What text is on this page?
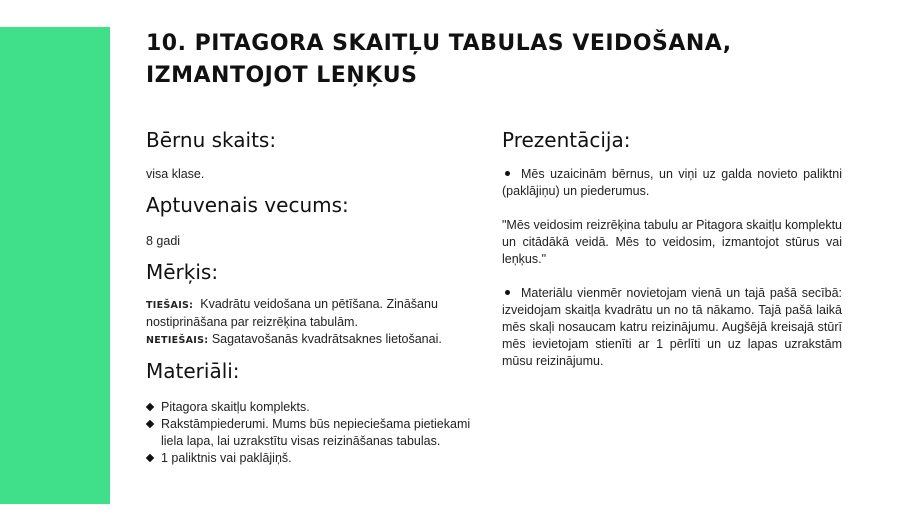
10. PITAGORA SKAITĻU TABULAS VEIDOŠANA, IZMANTOJOT LEŅĶUS
Bērnu skaits:
visa klase.
Aptuvenais vecums:
8 gadi
Mērķis:
TIEŠAIS: Kvadrātu veidošana un pētīšana. Zināšanu nostiprināšana par reizrēķina tabulām.
NETIEŠAIS: Sagatavošanās kvadrātsaknes lietošanai.
Materiāli:
Pitagora skaitļu komplekts.
Rakstāmpiederumi. Mums būs nepieciešama pietiekami liela lapa, lai uzrakstītu visas reizināšanas tabulas.
1 paliktnis vai paklājiņš.
Prezentācija:

Mēs uzaicinām bērnus, un viņi uz galda novieto paliktni (paklājiņu) un piederumus.

"Mēs veidosim reizrēķina tabulu ar Pitagora skaitļu komplektu un citādākā veidā. Mēs to veidosim, izmantojot stūrus vai leņķus."

Materiālu vienmēr novietojam vienā un tajā pašā secībā: izveidojam skaitļa kvadrātu un no tā nākamo. Tajā pašā laikā mēs skaļi nosaucam katru reizinājumu. Augšējā kreisajā stūrī mēs ievietojam stienīti ar 1 pērlīti un uz lapas uzrakstām mūsu reizinājumu.
